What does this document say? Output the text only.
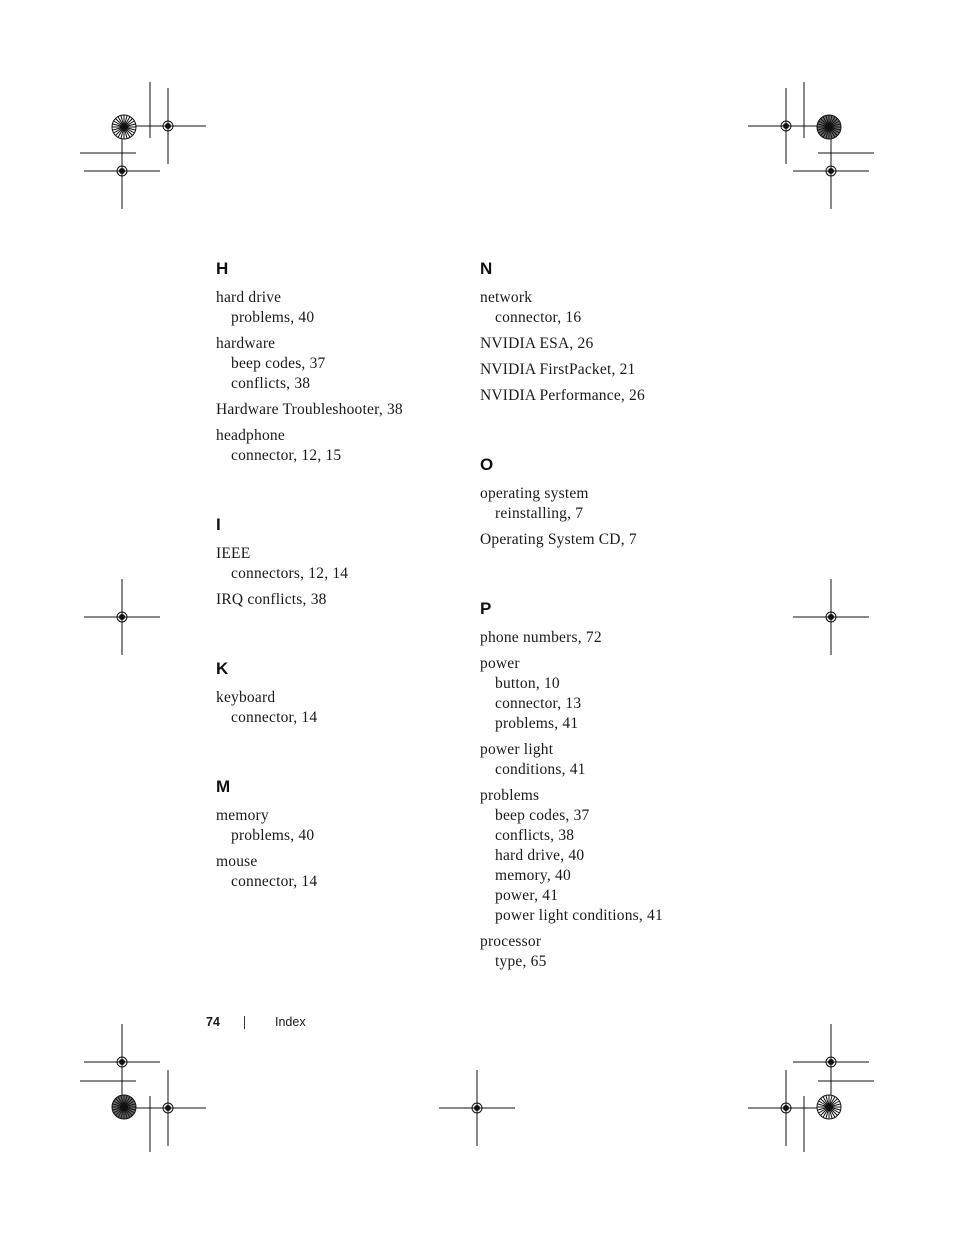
H
hard drive
problems, 40
hardware
beep codes, 37
conflicts, 38
Hardware Troubleshooter, 38
headphone
connector, 12, 15
I
IEEE
connectors, 12, 14
IRQ conflicts, 38
K
keyboard
connector, 14
M
memory
problems, 40
mouse
connector, 14
N
network
connector, 16
NVIDIA ESA, 26
NVIDIA FirstPacket, 21
NVIDIA Performance, 26
O
operating system
reinstalling, 7
Operating System CD, 7
P
phone numbers, 72
power
button, 10
connector, 13
problems, 41
power light
conditions, 41
problems
beep codes, 37
conflicts, 38
hard drive, 40
memory, 40
power, 41
power light conditions, 41
processor
type, 65
74	Index
